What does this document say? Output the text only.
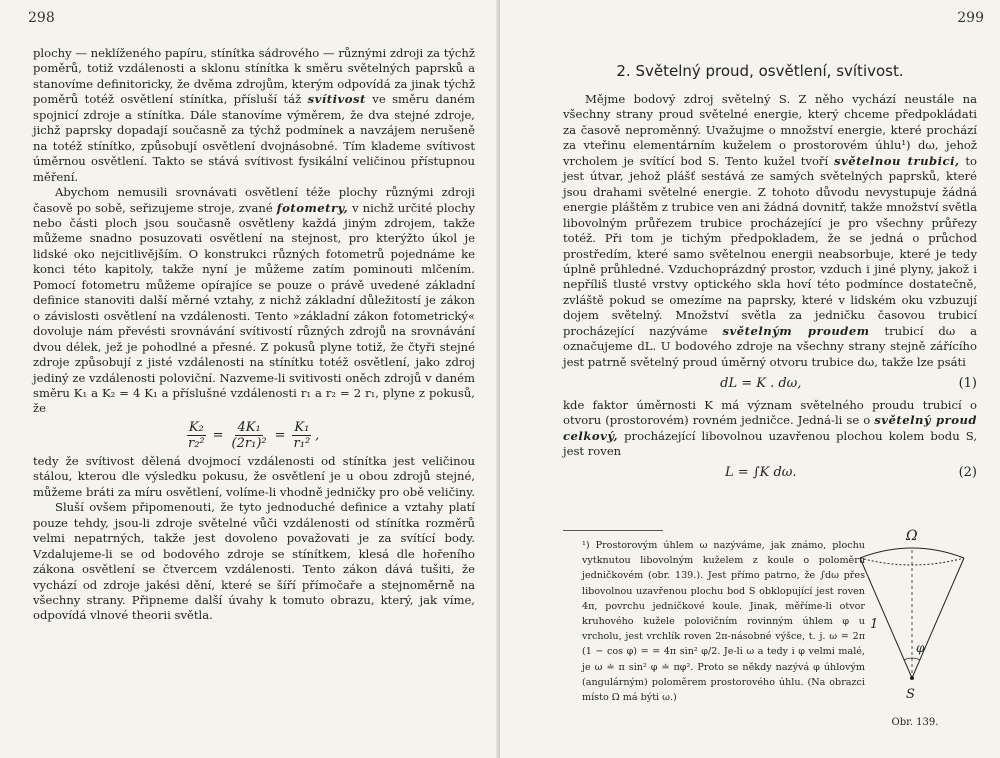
298

plochy — neklíženého papíru, stínítka sádrového — různými zdroji za týchž poměrů, totiž vzdálenosti a sklonu stínítka k směru světelných paprsků a stanovíme definitoricky, že dvěma zdrojům, kterým odpovídá za jinak týchž poměrů totéž osvětlení stínítka, přísluší táž svítivost ve směru daném spojnicí zdroje a stínítka. Dále stanovíme výměrem, že dva stejné zdroje, jichž paprsky dopadají současně za týchž podmínek a navzájem nerušeně na totéž stínítko, způsobují osvětlení dvojnásobné. Tím klademe svítivost úměrnou osvětlení. Takto se stává svítivost fysikální veličinou přístupnou měření.

Abychom nemusili srovnávati osvětlení téže plochy různými zdroji časově po sobě, seřizujeme stroje, zvané fotometry, v nichž určité plochy nebo části ploch jsou současně osvětleny každá jiným zdrojem, takže můžeme snadno posuzovati osvětlení na stejnost, pro kterýžto úkol je lidské oko nejcitlivějším. O konstrukci různých fotometrů pojednáme ke konci této kapitoly, takže nyní je můžeme zatím pominouti mlčením. Pomocí fotometru můžeme opírajíce se pouze o právě uvedené základní definice stanoviti další měrné vztahy, z nichž základní důležitostí je zákon o závislosti osvětlení na vzdálenosti. Tento »základní zákon fotometrický« dovoluje nám převésti srovnávání svítivostí různých zdrojů na srovnávání dvou délek, jež je pohodlné a přesné. Z pokusů plyne totiž, že čtyři stejné zdroje způsobují z jisté vzdálenosti na stínítku totéž osvětlení, jako zdroj jediný ze vzdálenosti poloviční. Nazveme-li svitivosti oněch zdrojů v daném směru K₁ a K₂ = 4 K₁ a příslušné vzdálenosti r₁ a r₂ = 2 r₁, plyne z pokusů, že

$\frac{\text{K₂}}{\text{r₂²}} = \frac{\text{4K₁}}{\text{(2r₁)²}} = \frac{\text{K₁}}{\text{r₁²}}$ ,

tedy že svítivost dělená dvojmocí vzdálenosti od stínítka jest veličinou stálou, kterou dle výsledku pokusu, že osvětlení je u obou zdrojů stejné, můžeme bráti za míru osvětlení, volíme-li vhodně jedničky pro obě veličiny.

Sluší ovšem připomenouti, že tyto jednoduché definice a vztahy platí pouze tehdy, jsou-li zdroje světelné vůči vzdálenosti od stínítka rozměrů velmi nepatrných, takže jest dovoleno považovati je za svítící body. Vzdalujeme-li se od bodového zdroje se stínítkem, klesá dle hořeního zákona osvětlení se čtvercem vzdálenosti. Tento zákon dává tušiti, že vychází od zdroje jakési dění, které se šíří přímočaře a stejnoměrně na všechny strany. Připneme další úvahy k tomuto obrazu, který, jak víme, odpovídá vlnové theorii světla.

299
2. Světelný proud, osvětlení, svítivost.

Mějme bodový zdroj světelný S. Z něho vychází neustále na všechny strany proud světelné energie, který chceme předpokládati za časově neproměnný. Uvažujme o množství energie, které prochází za vteřinu elementárním kuželem o prostorovém úhlu¹) dω, jehož vrcholem je svítící bod S. Tento kužel tvoří světelnou trubici, to jest útvar, jehož plášť sestává ze samých světelných paprsků, které jsou drahami světelné energie. Z tohoto důvodu nevystupuje žádná energie pláštěm z trubice ven ani žádná dovnitř, takže množství světla libovolným průřezem trubice procházející je pro všechny průřezy totéž. Při tom je tichým předpokladem, že se jedná o průchod prostředím, které samo světelnou energii neabsorbuje, které je tedy úplně průhledné. Vzduchoprázdný prostor, vzduch i jiné plyny, jakož i nepříliš tlusté vrstvy optického skla hoví této podmínce dostatečně, zvláště pokud se omezíme na paprsky, které v lidském oku vzbuzují dojem světelný. Množství světla za jedničku časovou trubicí procházející nazýváme světelným proudem trubicí dω a označujeme dL. U bodového zdroje na všechny strany stejně zářícího jest patrně světelný proud úměrný otvoru trubice dω, takže lze psáti

dL = K . dω,	(1)

kde faktor úměrnosti K má význam světelného proudu trubicí o otvoru (prostorovém) rovném jedničce. Jedná-li se o světelný proud celkový, procházející libovolnou uzavřenou plochou kolem bodu S, jest roven

L = ∫K dω.	(2)

¹) Prostorovým úhlem ω nazýváme, jak známo, plochu vytknutou libovolným kuželem z koule o poloměru jedničkovém (obr. 139.). Jest přímo patrno, že ∫dω přes libovolnou uzavřenou plochu bod S obklopující jest roven 4π, povrchu jedničkové koule. Jinak, měříme-li otvor kruhového kužele polovičním rovinným úhlem φ u vrcholu, jest vrchlík roven 2π-násobné výšce, t. j. ω = 2π (1 − cos φ) = = 4π sin² φ/2. Je-li ω a tedy i φ velmi malé, je ω ≐ π sin² φ ≐ πφ². Proto se někdy nazývá φ úhlovým (angulárným) poloměrem prostorového úhlu. (Na obrazci místo Ω má býti ω.)

Ω
1
φ
S
Obr. 139.
